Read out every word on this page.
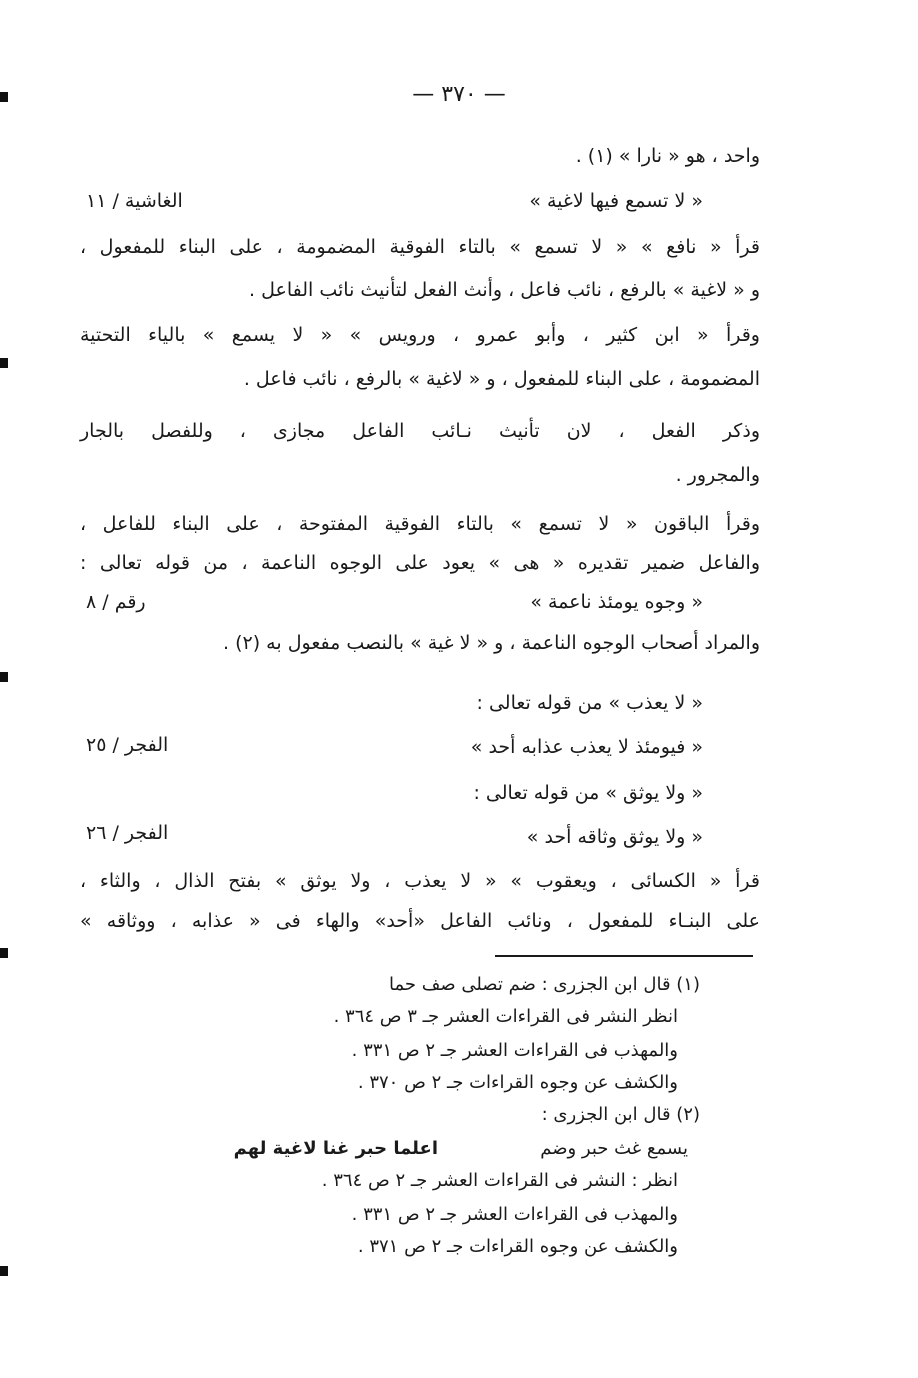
— ٣٧٠ —
واحد ، هو « نارا » (١) .
« لا تسمع فيها لاغية »
الغاشية / ١١
قرأ « نافع » « لا تسمع » بالتاء الفوقية المضمومة ، على البناء للمفعول ،
و « لاغية » بالرفع ، نائب فاعل ، وأنث الفعل لتأنيث نائب الفاعل .
وقرأ « ابن كثير ، وأبو عمرو ، ورويس » « لا يسمع » بالياء التحتية
المضمومة ، على البناء للمفعول ، و « لاغية » بالرفع ، نائب فاعل .
وذكر الفعل ، لان تأنيث نـائب الفاعل مجازى ، وللفصل بالجار
والمجرور .
وقرأ الباقون « لا تسمع » بالتاء الفوقية المفتوحة ، على البناء للفاعل ،
والفاعل ضمير تقديره « هى » يعود على الوجوه الناعمة ، من قوله تعالى :
« وجوه يومئذ ناعمة »
رقم / ٨
والمراد أصحاب الوجوه الناعمة ، و « لا غية » بالنصب مفعول به (٢) .
« لا يعذب » من قوله تعالى :
« فيومئذ لا يعذب عذابه أحد »
الفجر / ٢٥
« ولا يوثق » من قوله تعالى :
« ولا يوثق وثاقه أحد »
الفجر / ٢٦
قرأ « الكسائى ، ويعقوب » « لا يعذب ، ولا يوثق » بفتح الذال ، والثاء ،
على البنـاء للمفعول ، ونائب الفاعل «أحد» والهاء فى « عذابه ، ووثاقه »
(١) قال ابن الجزرى : ضم تصلى صف حما
انظر النشر فى القراءات العشر جـ ٣ ص ٣٦٤ .
والمهذب فى القراءات العشر جـ ٢ ص ٣٣١ .
والكشف عن وجوه القراءات جـ ٢ ص ٣٧٠ .
(٢) قال ابن الجزرى :
يسمع غث حبر وضم
اعلما حبر غنا لاغية لهم
انظر : النشر فى القراءات العشر جـ ٢ ص ٣٦٤ .
والمهذب فى القراءات العشر جـ ٢ ص ٣٣١ .
والكشف عن وجوه القراءات جـ ٢ ص ٣٧١ .
